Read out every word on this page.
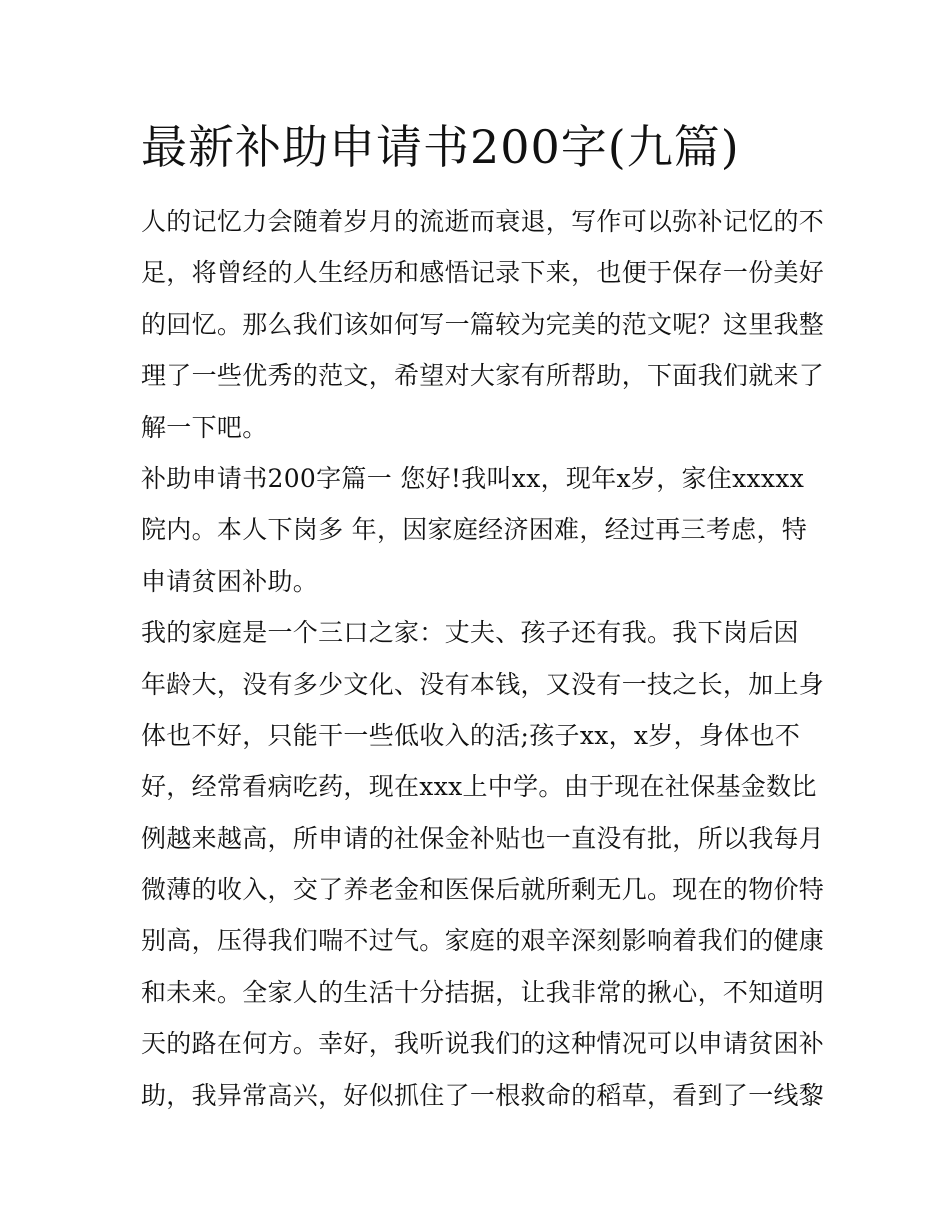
最新补助申请书200字(九篇)
人的记忆力会随着岁月的流逝而衰退，写作可以弥补记忆的不
足，将曾经的人生经历和感悟记录下来，也便于保存一份美好
的回忆。那么我们该如何写一篇较为完美的范文呢？这里我整
理了一些优秀的范文，希望对大家有所帮助，下面我们就来了
解一下吧。
补助申请书200字篇一 您好!我叫xx，现年x岁，家住xxxxx
院内。本人下岗多 年，因家庭经济困难，经过再三考虑，特
申请贫困补助。
我的家庭是一个三口之家：丈夫、孩子还有我。我下岗后因
年龄大，没有多少文化、没有本钱，又没有一技之长，加上身
体也不好，只能干一些低收入的活;孩子xx，x岁，身体也不
好，经常看病吃药，现在xxx上中学。由于现在社保基金数比
例越来越高，所申请的社保金补贴也一直没有批，所以我每月
微薄的收入，交了养老金和医保后就所剩无几。现在的物价特
别高，压得我们喘不过气。家庭的艰辛深刻影响着我们的健康
和未来。全家人的生活十分拮据，让我非常的揪心，不知道明
天的路在何方。幸好，我听说我们的这种情况可以申请贫困补
助，我异常高兴，好似抓住了一根救命的稻草，看到了一线黎
